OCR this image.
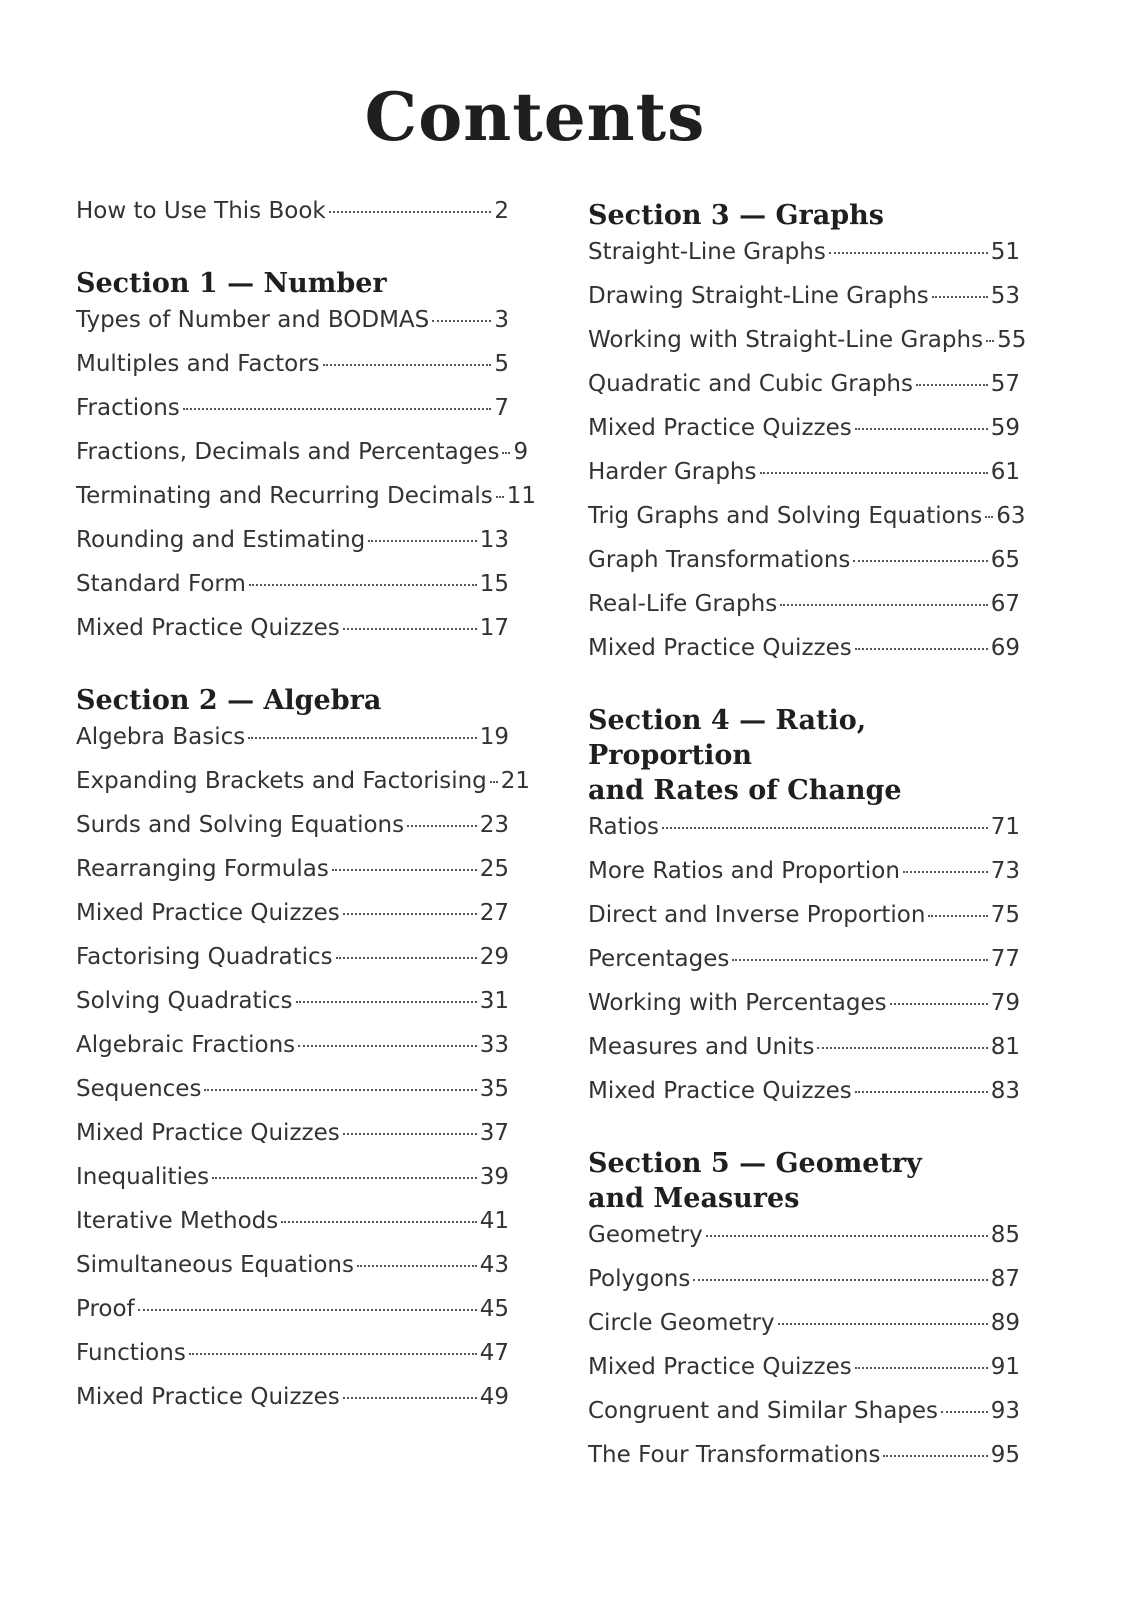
Contents
How to Use This Book	2
Section 1 — Number
Types of Number and BODMAS	3
Multiples and Factors	5
Fractions	7
Fractions, Decimals and Percentages 9
Terminating and Recurring Decimals 11
Rounding and Estimating	13
Standard Form	15
Mixed Practice Quizzes	17
Section 2 — Algebra
Algebra Basics	19
Expanding Brackets and Factorising 21
Surds and Solving Equations	23
Rearranging Formulas	25
Mixed Practice Quizzes	27
Factorising Quadratics	29
Solving Quadratics	31
Algebraic Fractions	33
Sequences	35
Mixed Practice Quizzes	37
Inequalities	39
Iterative Methods	41
Simultaneous Equations	43
Proof	45
Functions	47
Mixed Practice Quizzes	49
Section 3 — Graphs
Straight-Line Graphs	51
Drawing Straight-Line Graphs	53
Working with Straight-Line Graphs 55
Quadratic and Cubic Graphs	57
Mixed Practice Quizzes	59
Harder Graphs	61
Trig Graphs and Solving Equations 63
Graph Transformations	65
Real-Life Graphs	67
Mixed Practice Quizzes	69
Section 4 — Ratio, Proportion
and Rates of Change
Ratios	71
More Ratios and Proportion	73
Direct and Inverse Proportion	75
Percentages	77
Working with Percentages	79
Measures and Units	81
Mixed Practice Quizzes	83
Section 5 — Geometry
and Measures
Geometry	85
Polygons	87
Circle Geometry	89
Mixed Practice Quizzes	91
Congruent and Similar Shapes 93
The Four Transformations	95
